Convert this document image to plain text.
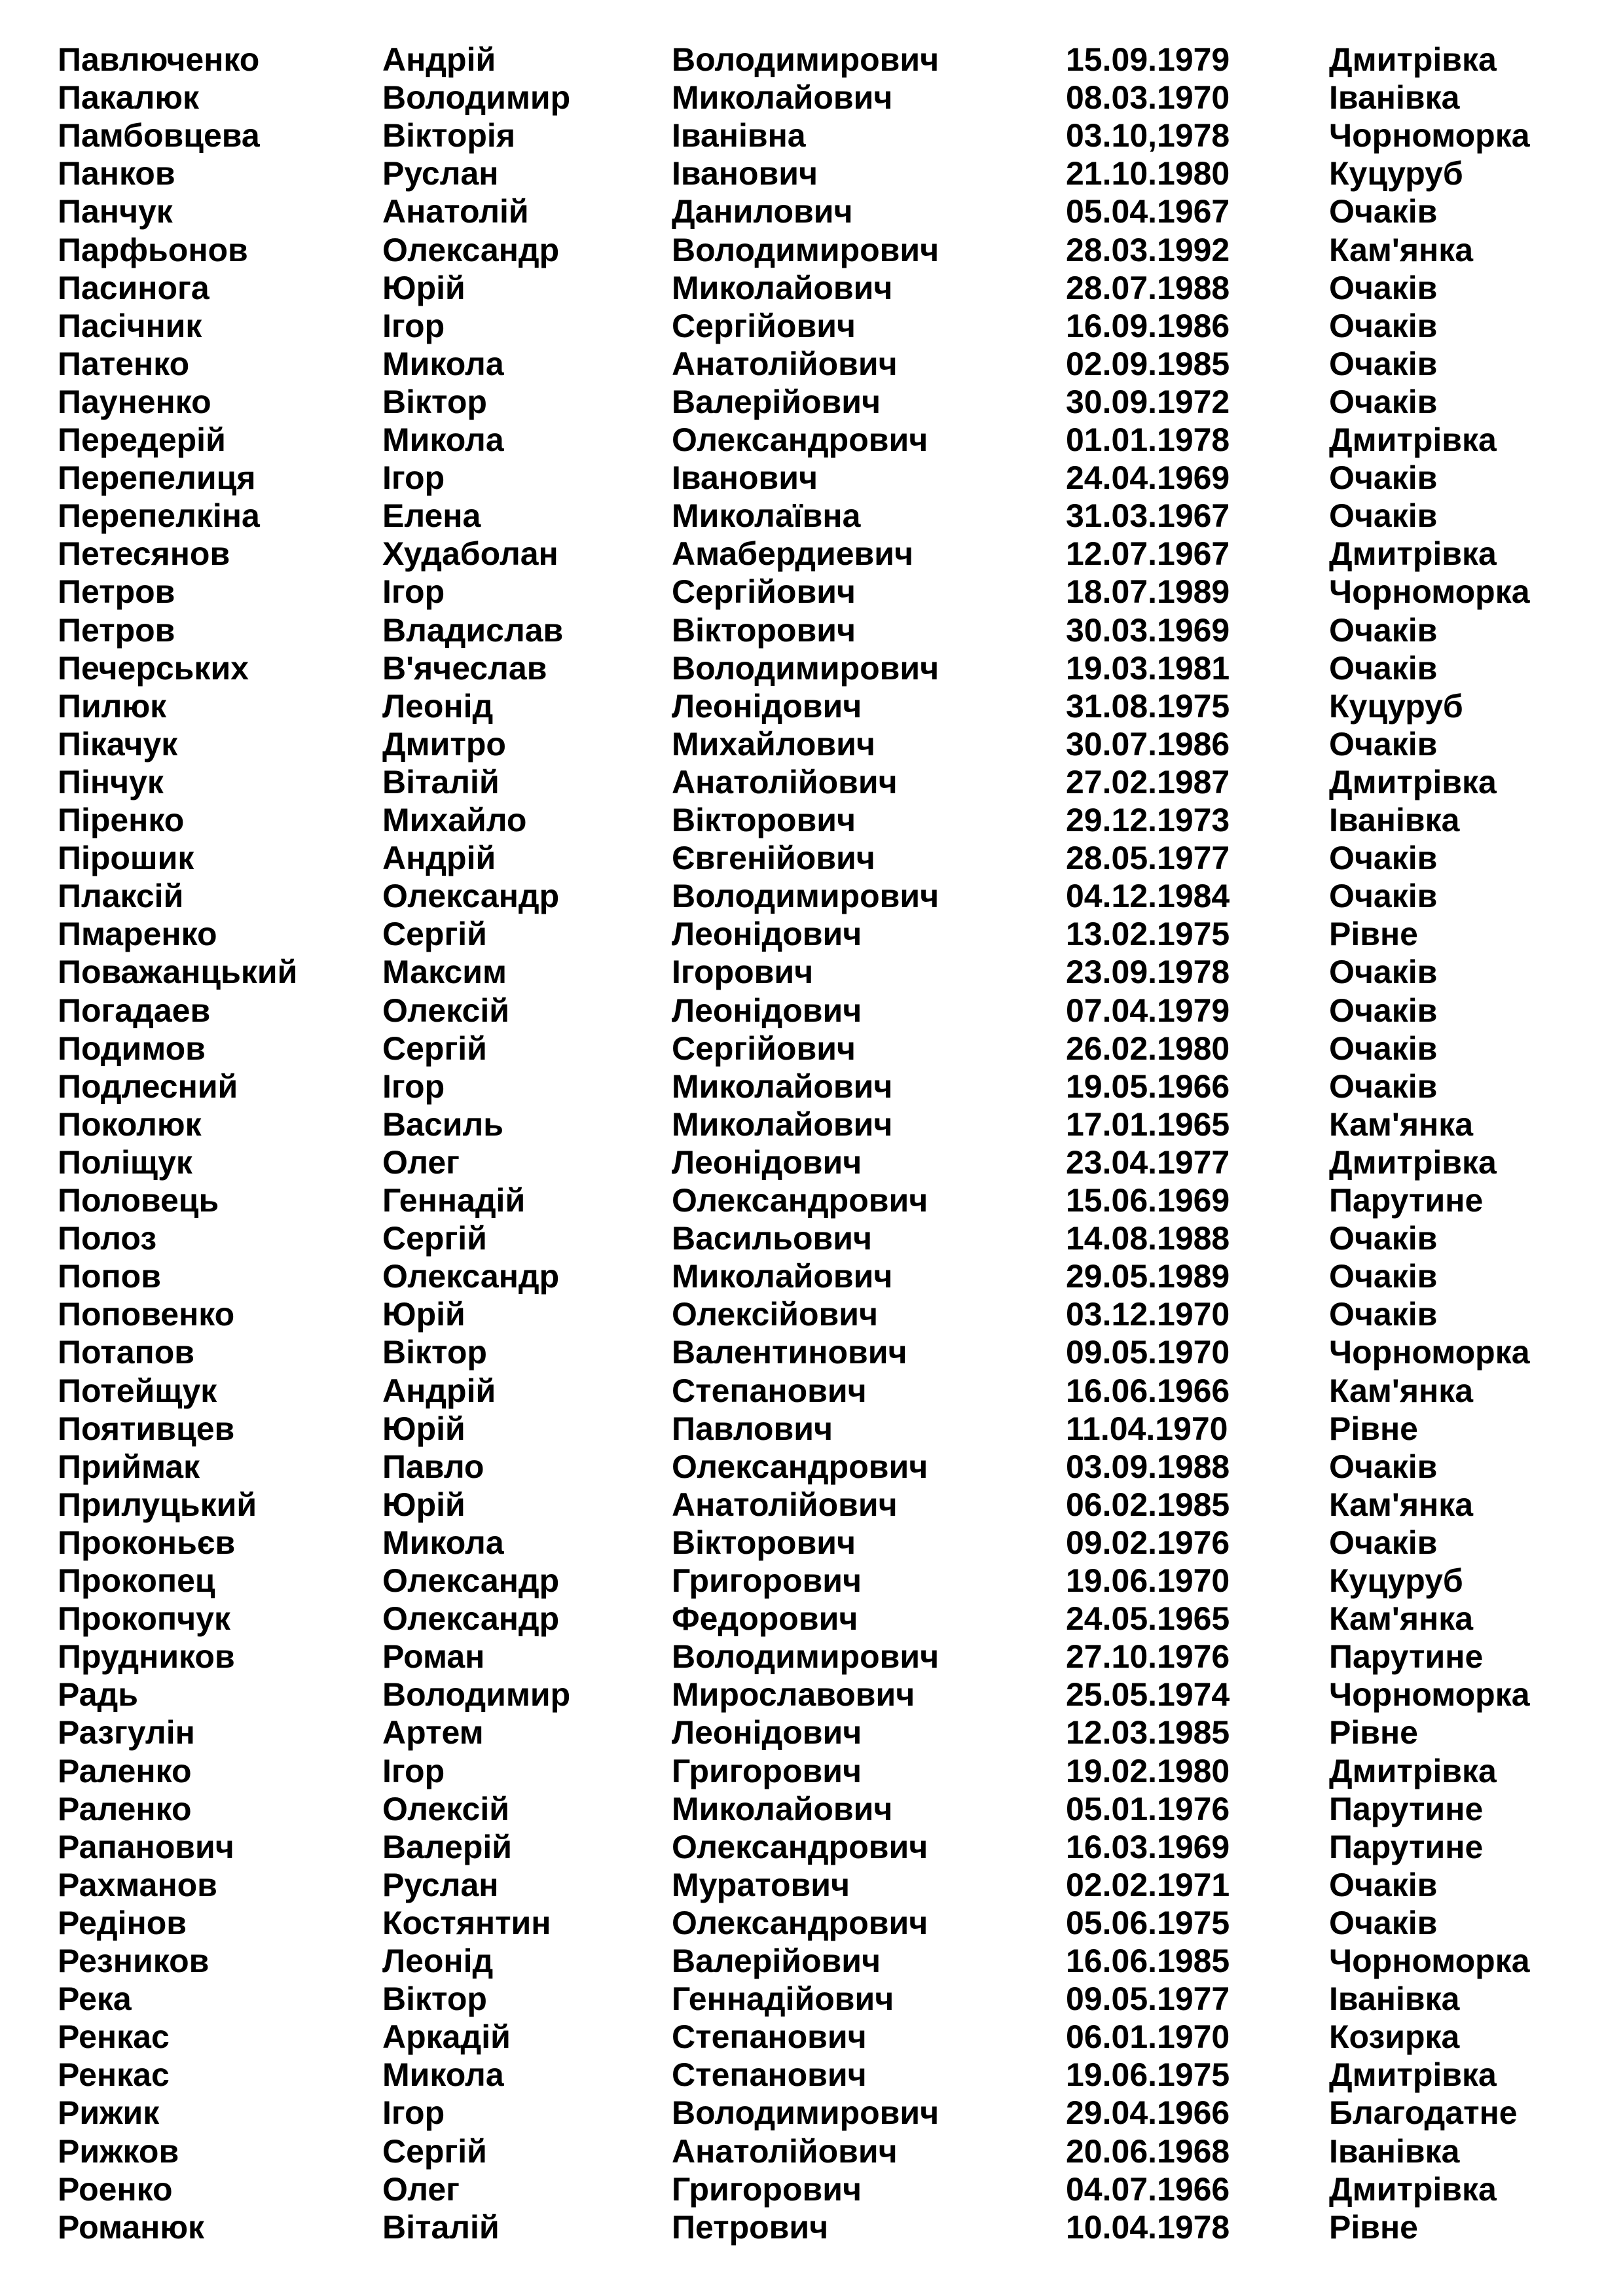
Павлюченко	Андрій	Володимирович	15.09.1979	Дмитрівка
Пакалюк	Володимир	Миколайович	08.03.1970	Іванівка
Памбовцева	Вікторія	Іванівна	03.10,1978	Чорноморка
Панков	Руслан	Іванович	21.10.1980	Куцуруб
Панчук	Анатолій	Данилович	05.04.1967	Очаків
Парфьонов	Олександр	Володимирович	28.03.1992	Кам'янка
Пасинога	Юрій	Миколайович	28.07.1988	Очаків
Пасічник	Ігор	Сергійович	16.09.1986	Очаків
Патенко	Микола	Анатолійович	02.09.1985	Очаків
Пауненко	Віктор	Валерійович	30.09.1972	Очаків
Передерій	Микола	Олександрович	01.01.1978	Дмитрівка
Перепелиця	Ігор	Іванович	24.04.1969	Очаків
Перепелкіна	Елена	Миколаївна	31.03.1967	Очаків
Петесянов	Худаболан	Амабердиевич	12.07.1967	Дмитрівка
Петров	Ігор	Сергійович	18.07.1989	Чорноморка
Петров	Владислав	Вікторович	30.03.1969	Очаків
Печерських	В'ячеслав	Володимирович	19.03.1981	Очаків
Пилюк	Леонід	Леонідович	31.08.1975	Куцуруб
Пікачук	Дмитро	Михайлович	30.07.1986	Очаків
Пінчук	Віталій	Анатолійович	27.02.1987	Дмитрівка
Піренко	Михайло	Вікторович	29.12.1973	Іванівка
Пірошик	Андрій	Євгенійович	28.05.1977	Очаків
Плаксій	Олександр	Володимирович	04.12.1984	Очаків
Пмаренко	Сергій	Леонідович	13.02.1975	Рівне
Поважанцький	Максим	Ігорович	23.09.1978	Очаків
Погадаев	Олексій	Леонідович	07.04.1979	Очаків
Подимов	Сергій	Сергійович	26.02.1980	Очаків
Подлесний	Ігор	Миколайович	19.05.1966	Очаків
Поколюк	Василь	Миколайович	17.01.1965	Кам'янка
Поліщук	Олег	Леонідович	23.04.1977	Дмитрівка
Половець	Геннадій	Олександрович	15.06.1969	Парутине
Полоз	Сергій	Васильович	14.08.1988	Очаків
Попов	Олександр	Миколайович	29.05.1989	Очаків
Поповенко	Юрій	Олексійович	03.12.1970	Очаків
Потапов	Віктор	Валентинович	09.05.1970	Чорноморка
Потейщук	Андрій	Степанович	16.06.1966	Кам'янка
Поятивцев	Юрій	Павлович	11.04.1970	Рівне
Приймак	Павло	Олександрович	03.09.1988	Очаків
Прилуцький	Юрій	Анатолійович	06.02.1985	Кам'янка
Проконьєв	Микола	Вікторович	09.02.1976	Очаків
Прокопец	Олександр	Григорович	19.06.1970	Куцуруб
Прокопчук	Олександр	Федорович	24.05.1965	Кам'янка
Прудников	Роман	Володимирович	27.10.1976	Парутине
Радь	Володимир	Мирославович	25.05.1974	Чорноморка
Разгулін	Артем	Леонідович	12.03.1985	Рівне
Раленко	Ігор	Григорович	19.02.1980	Дмитрівка
Раленко	Олексій	Миколайович	05.01.1976	Парутине
Рапанович	Валерій	Олександрович	16.03.1969	Парутине
Рахманов	Руслан	Муратович	02.02.1971	Очаків
Редінов	Костянтин	Олександрович	05.06.1975	Очаків
Резников	Леонід	Валерійович	16.06.1985	Чорноморка
Река	Віктор	Геннадійович	09.05.1977	Іванівка
Ренкас	Аркадій	Степанович	06.01.1970	Козирка
Ренкас	Микола	Степанович	19.06.1975	Дмитрівка
Рижик	Ігор	Володимирович	29.04.1966	Благодатне
Рижков	Сергій	Анатолійович	20.06.1968	Іванівка
Роенко	Олег	Григорович	04.07.1966	Дмитрівка
Романюк	Віталій	Петрович	10.04.1978	Рівне
